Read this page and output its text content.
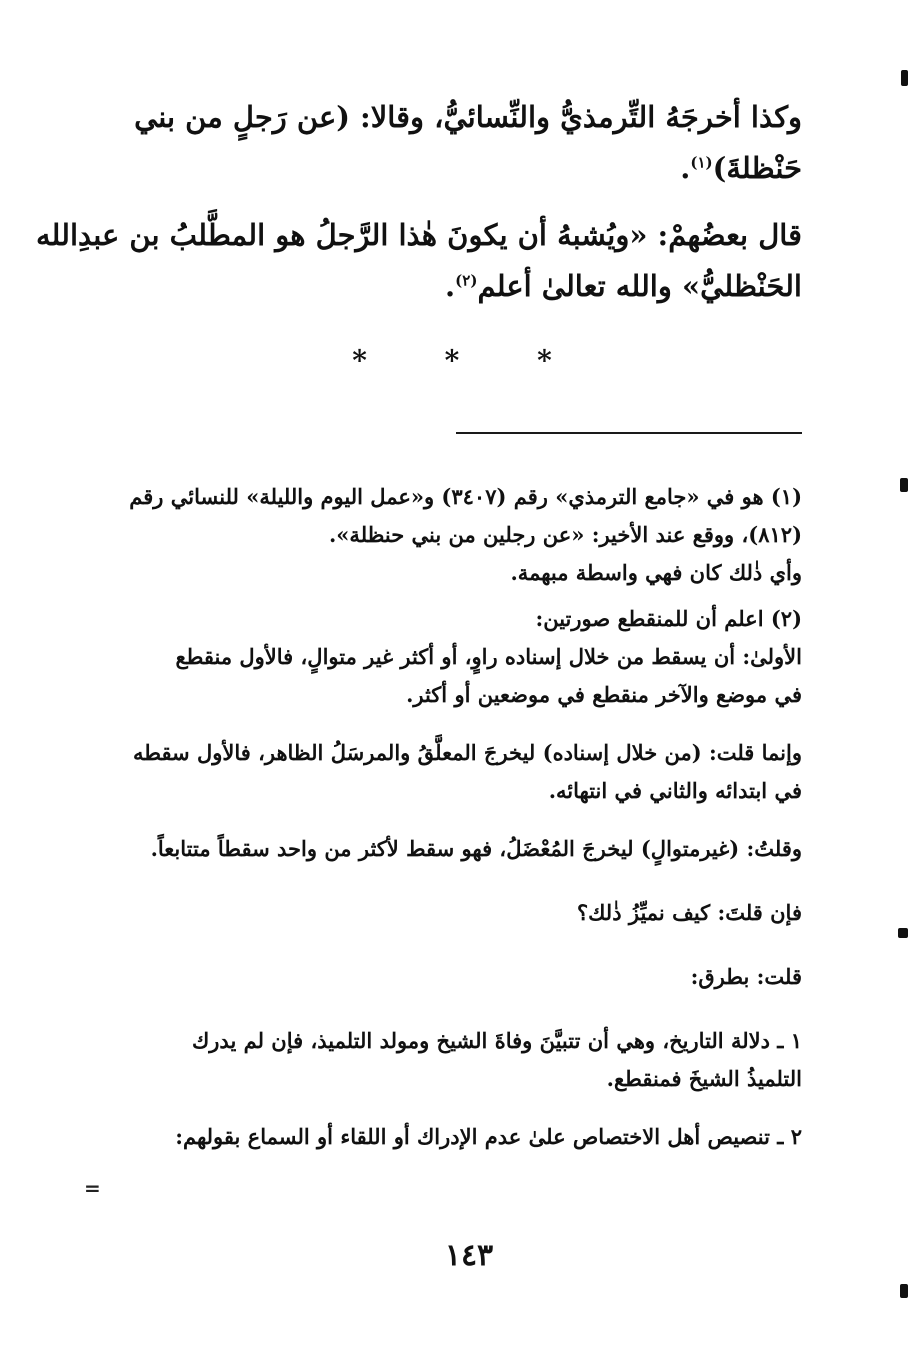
وكذا أخرجَهُ التِّرمذيُّ والنِّسائيُّ، وقالا: (عن رَجلٍ من بني
حَنْظلةَ)$^{(١)}$.
قال بعضُهمْ: «ويُشبهُ أن يكونَ هٰذا الرَّجلُ هو المطَّلبُ بن عبدِالله
الحَنْظليُّ» والله تعالىٰ أعلم$^{(٢)}$.
* * *
(١) هو في «جامع الترمذي» رقم (٣٤٠٧) و«عمل اليوم والليلة» للنسائي رقم
(٨١٢)، ووقع عند الأخير: «عن رجلين من بني حنظلة».
وأي ذٰلك كان فهي واسطة مبهمة.
(٢) اعلم أن للمنقطع صورتين:
الأولىٰ: أن يسقط من خلال إسناده راوٍ، أو أكثر غير متوالٍ، فالأول منقطع
في موضع والآخر منقطع في موضعين أو أكثر.
وإنما قلت: (من خلال إسناده) ليخرجَ المعلَّقُ والمرسَلُ الظاهر، فالأول سقطه
في ابتدائه والثاني في انتهائه.
وقلتُ: (غيرمتوالٍ) ليخرجَ المُعْضَلُ، فهو سقط لأكثر من واحد سقطاً متتابعاً.
فإن قلتَ: كيف نميِّزُ ذٰلك؟
قلت: بطرق:
١ ـ دلالة التاريخ، وهي أن تتبيَّنَ وفاةَ الشيخ ومولد التلميذ، فإن لم يدرك
التلميذُ الشيخَ فمنقطع.
٢ ـ تنصيص أهل الاختصاص علىٰ عدم الإدراك أو اللقاء أو السماع بقولهم:
=
١٤٣
